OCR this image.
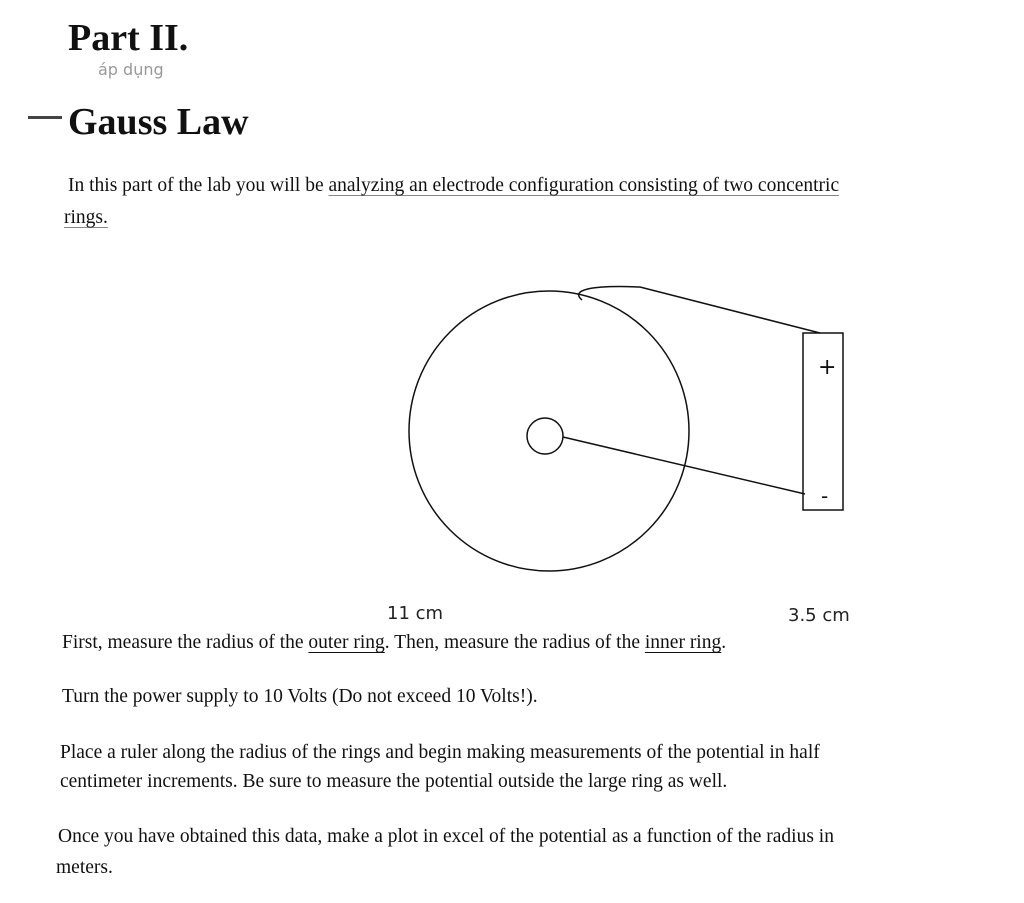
Part II.
áp dụng
Gauss Law
In this part of the lab you will be analyzing an electrode configuration consisting of two concentric
rings.
+
-
11 cm	3.5 cm
First, measure the radius of the outer ring. Then, measure the radius of the inner ring.
Turn the power supply to 10 Volts (Do not exceed 10 Volts!).
Place a ruler along the radius of the rings and begin making measurements of the potential in half
centimeter increments. Be sure to measure the potential outside the large ring as well.
Once you have obtained this data, make a plot in excel of the potential as a function of the radius in
meters.
